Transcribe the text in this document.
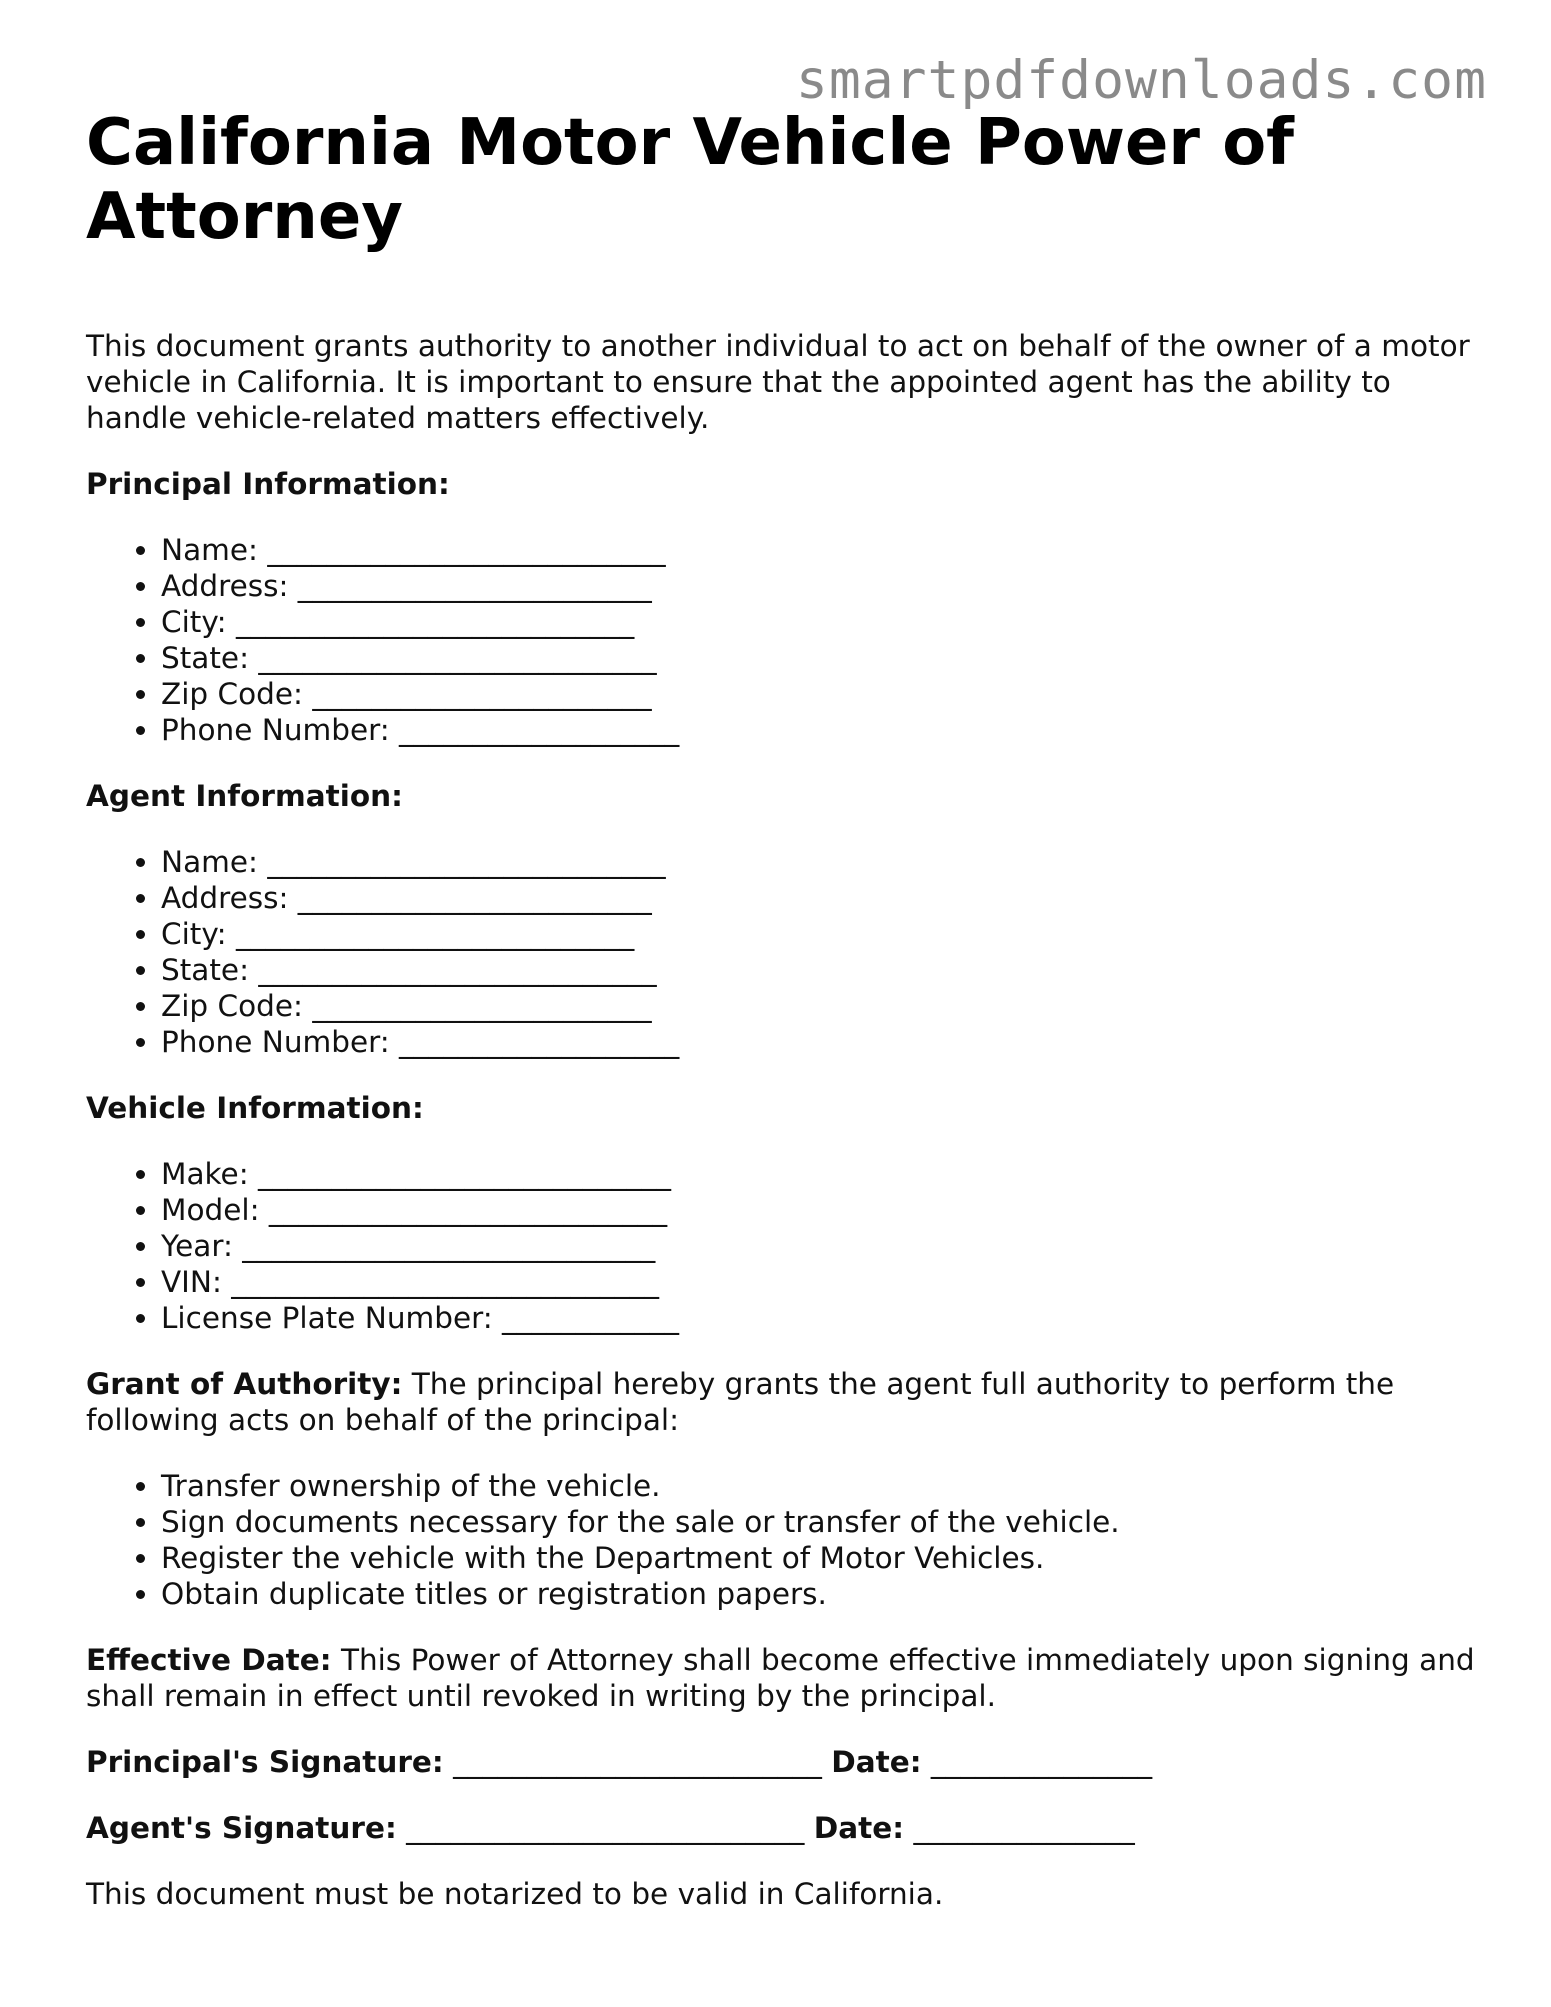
smartpdfdownloads.com
California Motor Vehicle Power of Attorney

This document grants authority to another individual to act on behalf of the owner of a motor vehicle in California. It is important to ensure that the appointed agent has the ability to handle vehicle-related matters effectively.

Principal Information:

• Name: ___________________________
• Address: ________________________
• City: ___________________________
• State: ___________________________
• Zip Code: _______________________
• Phone Number: ___________________

Agent Information:

• Name: ___________________________
• Address: ________________________
• City: ___________________________
• State: ___________________________
• Zip Code: _______________________
• Phone Number: ___________________

Vehicle Information:

• Make: ____________________________
• Model: ___________________________
• Year: ____________________________
• VIN: _____________________________
• License Plate Number: ____________

Grant of Authority: The principal hereby grants the agent full authority to perform the following acts on behalf of the principal:

• Transfer ownership of the vehicle.
• Sign documents necessary for the sale or transfer of the vehicle.
• Register the vehicle with the Department of Motor Vehicles.
• Obtain duplicate titles or registration papers.

Effective Date: This Power of Attorney shall become effective immediately upon signing and shall remain in effect until revoked in writing by the principal.

Principal's Signature: _________________________ Date: _______________

Agent's Signature: ___________________________ Date: _______________

This document must be notarized to be valid in California.
